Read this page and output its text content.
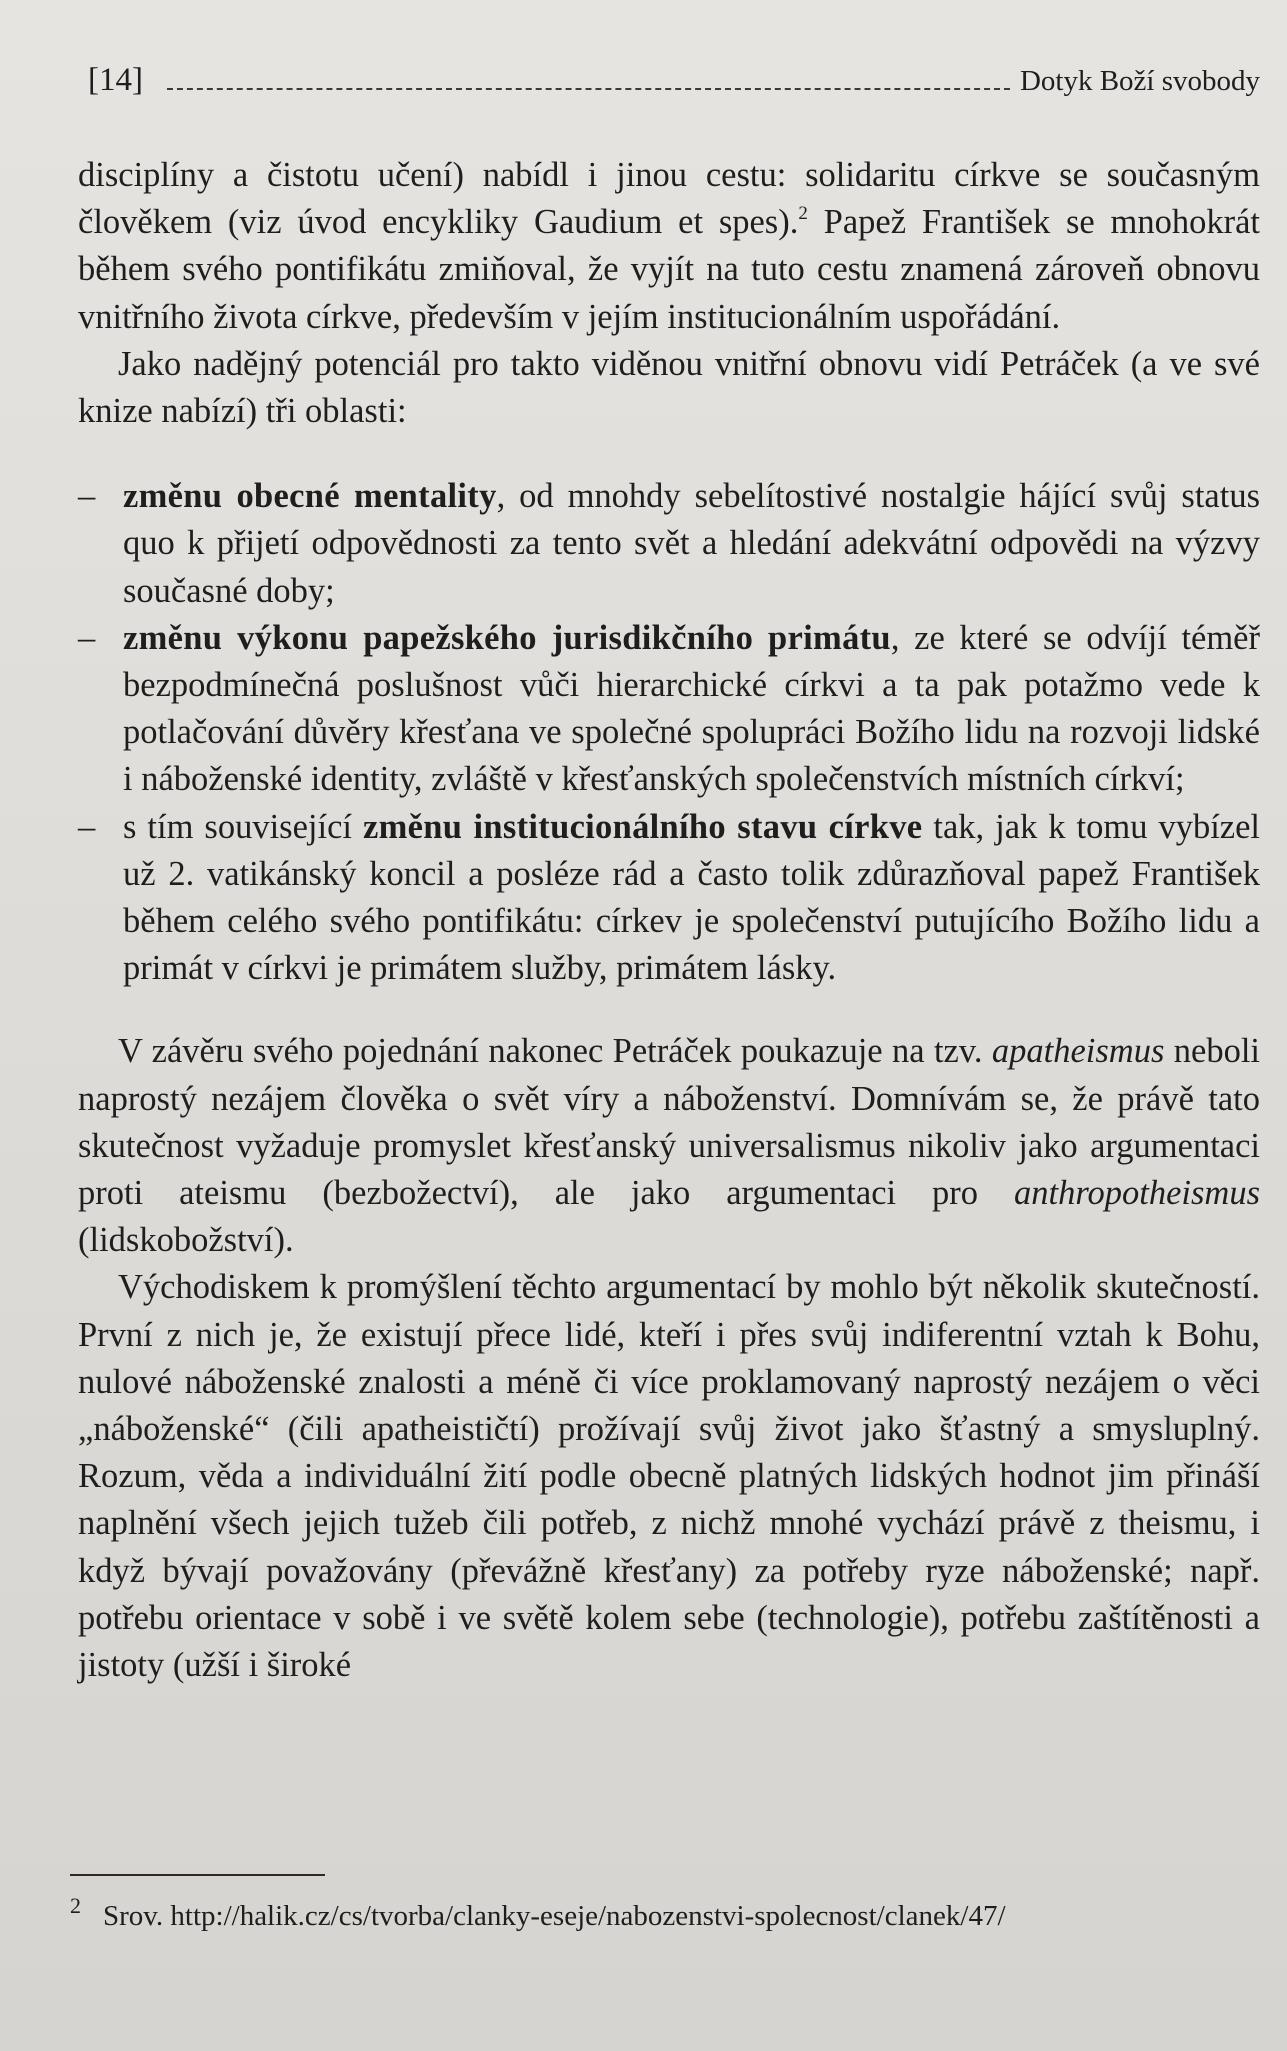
[14]	Dotyk Boží svobody

disciplíny a čistotu učení) nabídl i jinou cestu: solidaritu církve se současným člověkem (viz úvod encykliky Gaudium et spes).$^2$ Papež František se mnohokrát během svého pontifikátu zmiňoval, že vyjít na tuto cestu znamená zároveň obnovu vnitřního života církve, především v jejím institucionálním uspořádání.

Jako nadějný potenciál pro takto viděnou vnitřní obnovu vidí Petráček (a ve své knize nabízí) tři oblasti:

– změnu obecné mentality, od mnohdy sebelítostivé nostalgie hájící svůj status quo k přijetí odpovědnosti za tento svět a hledání adekvátní odpovědi na výzvy současné doby;
– změnu výkonu papežského jurisdikčního primátu, ze které se odvíjí téměř bezpodmínečná poslušnost vůči hierarchické církvi a ta pak potažmo vede k potlačování důvěry křesťana ve společné spolupráci Božího lidu na rozvoji lidské i náboženské identity, zvláště v křesťanských společenstvích místních církví;
– s tím související změnu institucionálního stavu církve tak, jak k tomu vybízel už 2. vatikánský koncil a posléze rád a často tolik zdůrazňoval papež František během celého svého pontifikátu: církev je společenství putujícího Božího lidu a primát v církvi je primátem služby, primátem lásky.

V závěru svého pojednání nakonec Petráček poukazuje na tzv. apatheismus neboli naprostý nezájem člověka o svět víry a náboženství. Domnívám se, že právě tato skutečnost vyžaduje promyslet křesťanský universalismus nikoliv jako argumentaci proti ateismu (bezbožectví), ale jako argumentaci pro anthropotheismus (lidskobožství).

Východiskem k promýšlení těchto argumentací by mohlo být několik skutečností. První z nich je, že existují přece lidé, kteří i přes svůj indiferentní vztah k Bohu, nulové náboženské znalosti a méně či více proklamovaný naprostý nezájem o věci „náboženské“ (čili apatheističtí) prožívají svůj život jako šťastný a smysluplný. Rozum, věda a individuální žití podle obecně platných lidských hodnot jim přináší naplnění všech jejich tužeb čili potřeb, z nichž mnohé vychází právě z theismu, i když bývají považovány (převážně křesťany) za potřeby ryze náboženské; např. potřebu orientace v sobě i ve světě kolem sebe (technologie), potřebu zaštítěnosti a jistoty (užší i široké

$^2$ Srov. http://halik.cz/cs/tvorba/clanky-eseje/nabozenstvi-spolecnost/clanek/47/
